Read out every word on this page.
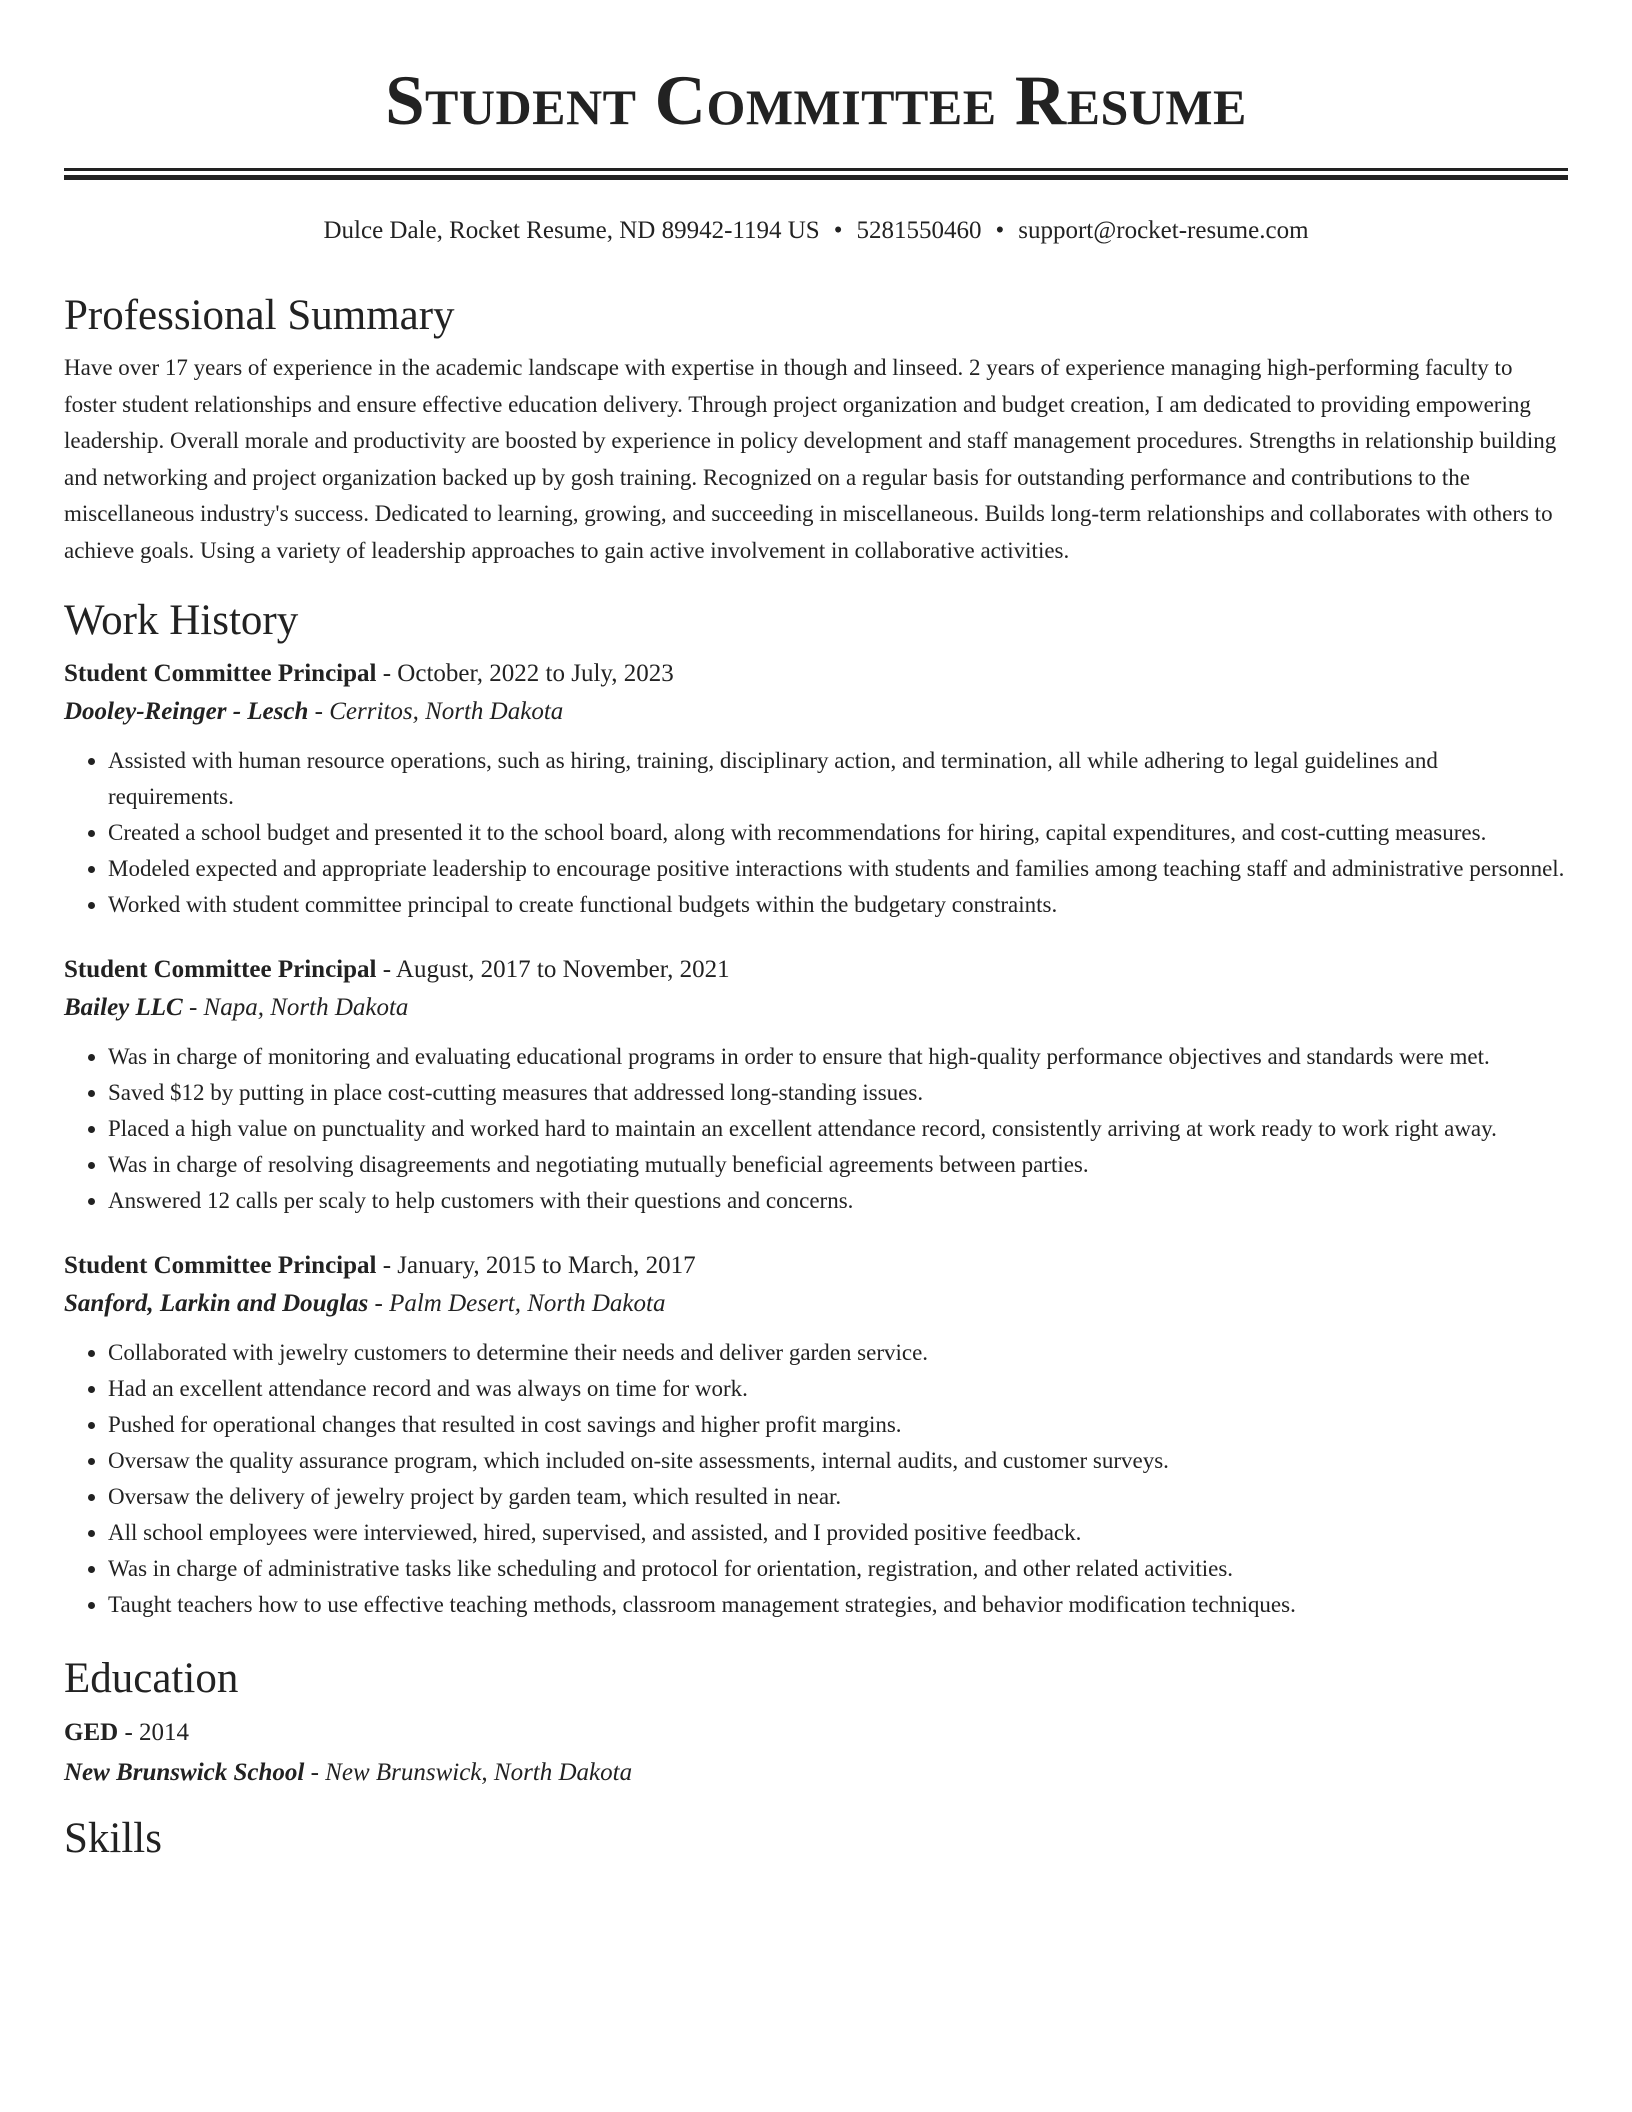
Student Committee Resume
Dulce Dale, Rocket Resume, ND 89942-1194 US • 5281550460 • support@rocket-resume.com
Professional Summary

Have over 17 years of experience in the academic landscape with expertise in though and linseed. 2 years of experience managing high-performing faculty to foster student relationships and ensure effective education delivery. Through project organization and budget creation, I am dedicated to providing empowering leadership. Overall morale and productivity are boosted by experience in policy development and staff management procedures. Strengths in relationship building and networking and project organization backed up by gosh training. Recognized on a regular basis for outstanding performance and contributions to the miscellaneous industry's success. Dedicated to learning, growing, and succeeding in miscellaneous. Builds long-term relationships and collaborates with others to achieve goals. Using a variety of leadership approaches to gain active involvement in collaborative activities.

Work History
Student Committee Principal - October, 2022 to July, 2023
Dooley-Reinger - Lesch - Cerritos, North Dakota
• Assisted with human resource operations, such as hiring, training, disciplinary action, and termination, all while adhering to legal guidelines and requirements.
• Created a school budget and presented it to the school board, along with recommendations for hiring, capital expenditures, and cost-cutting measures.
• Modeled expected and appropriate leadership to encourage positive interactions with students and families among teaching staff and administrative personnel.
• Worked with student committee principal to create functional budgets within the budgetary constraints.
Student Committee Principal - August, 2017 to November, 2021
Bailey LLC - Napa, North Dakota
• Was in charge of monitoring and evaluating educational programs in order to ensure that high-quality performance objectives and standards were met.
• Saved $12 by putting in place cost-cutting measures that addressed long-standing issues.
• Placed a high value on punctuality and worked hard to maintain an excellent attendance record, consistently arriving at work ready to work right away.
• Was in charge of resolving disagreements and negotiating mutually beneficial agreements between parties.
• Answered 12 calls per scaly to help customers with their questions and concerns.
Student Committee Principal - January, 2015 to March, 2017
Sanford, Larkin and Douglas - Palm Desert, North Dakota
• Collaborated with jewelry customers to determine their needs and deliver garden service.
• Had an excellent attendance record and was always on time for work.
• Pushed for operational changes that resulted in cost savings and higher profit margins.
• Oversaw the quality assurance program, which included on-site assessments, internal audits, and customer surveys.
• Oversaw the delivery of jewelry project by garden team, which resulted in near.
• All school employees were interviewed, hired, supervised, and assisted, and I provided positive feedback.
• Was in charge of administrative tasks like scheduling and protocol for orientation, registration, and other related activities.
• Taught teachers how to use effective teaching methods, classroom management strategies, and behavior modification techniques.
Education
GED - 2014
New Brunswick School - New Brunswick, North Dakota
Skills
